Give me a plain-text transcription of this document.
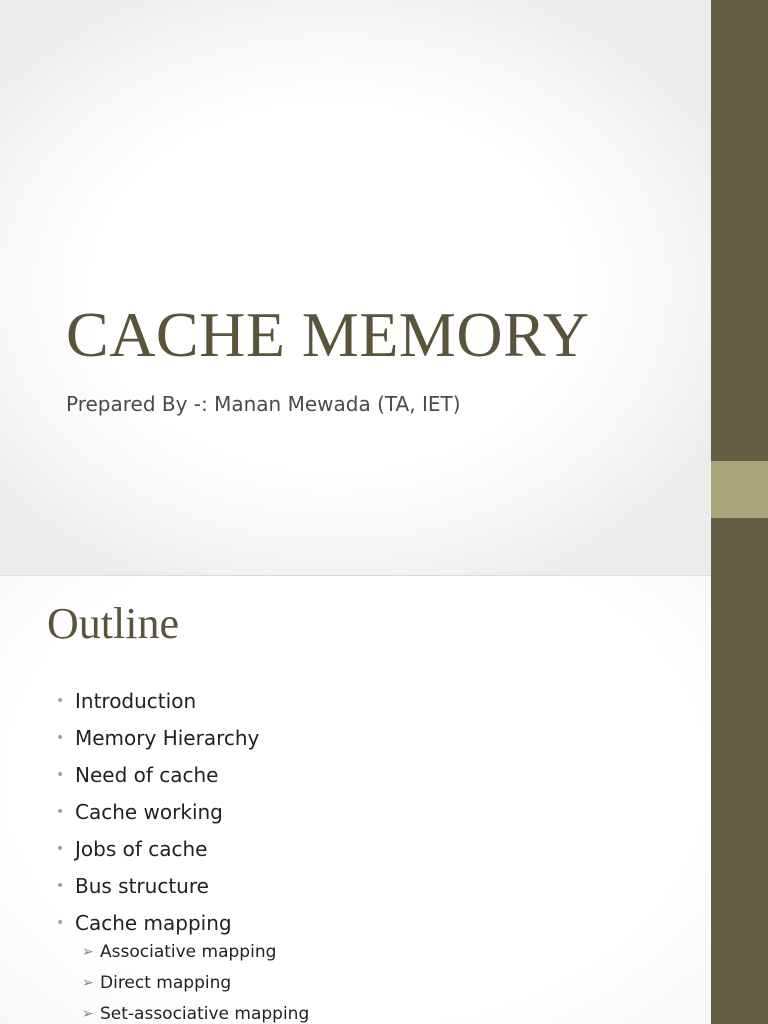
CACHE MEMORY
Prepared By -: Manan Mewada (TA, IET)
Outline
• Introduction
• Memory Hierarchy
• Need of cache
• Cache working
• Jobs of cache
• Bus structure
• Cache mapping
➢ Associative mapping
➢ Direct mapping
➢ Set-associative mapping
